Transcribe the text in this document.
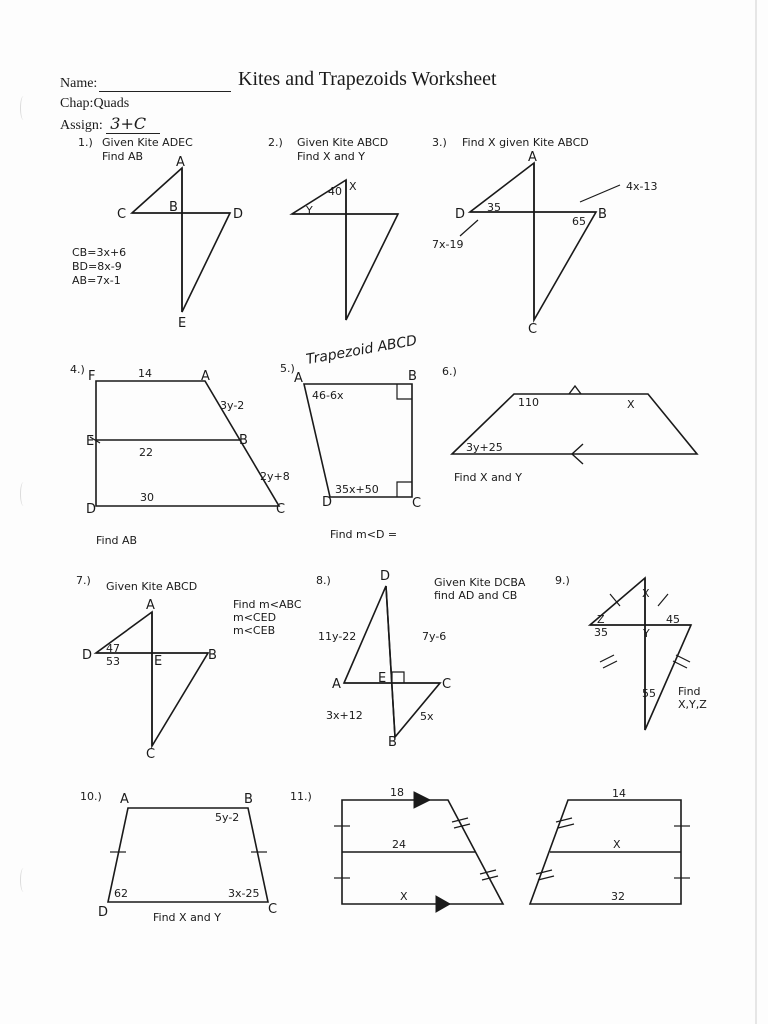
Name:	Kites and Trapezoids Worksheet
Chap:Quads
Assign: 3+C
1.) Given Kite ADEC
Find AB	A
C	B	D
E
CB=3x+6
BD=8x-9
AB=7x-1
2.) Given Kite ABCD
Find X and Y
40 X
Y
3.) Find X given Kite ABCD
A
D	B
C
35
65
4x-13
7x-19
4.) F	14	A
3y-2
E	B
22
2y+8
30
D	C
Find AB
5.)
Trapezoid ABCD
A	B
46-6x
35x+50
D	C
Find m<D =
6.)
110	X
3y+25
Find X and Y
7.) Given Kite ABCD
A
D 47
53	E	B
C
Find m<ABC
m<CED
m<CEB
8.)	D	Given Kite DCBA
find AD and CB
11y-22	7y-6
A	E	C
3x+12	5x
B
9.)
X
Z
35	Y
45
55 Find
X,Y,Z
10.) A	B
5y-2
62	3x-25
D	C
Find X and Y
11.)	18
24
X
14
X
32
